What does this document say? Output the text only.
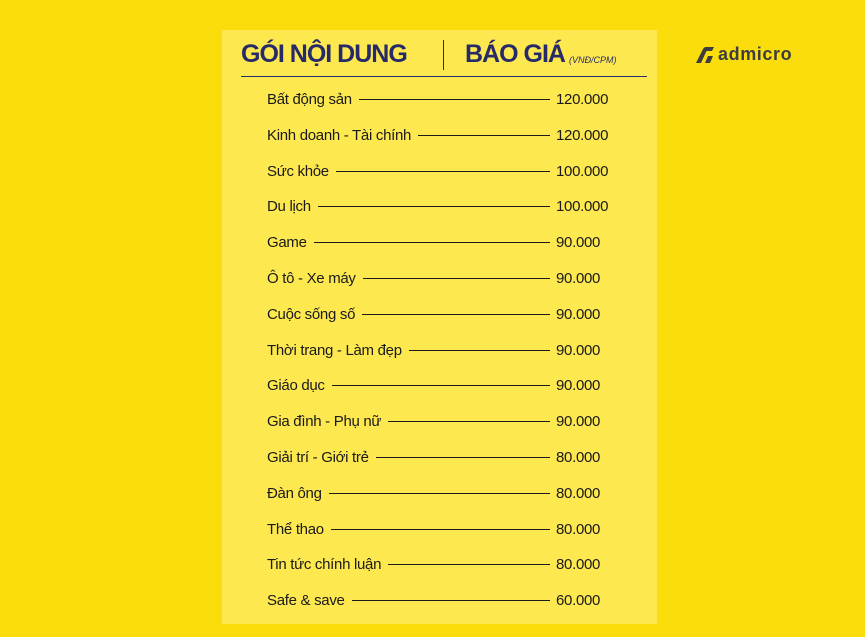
GÓI NỘI DUNG BÁO GIÁ (VNĐ/CPM)
Bất động sản	120.000
Kinh doanh - Tài chính	120.000
Sức khỏe	100.000
Du lịch	100.000
Game	90.000
Ô tô - Xe máy	90.000
Cuộc sống số	90.000
Thời trang - Làm đẹp	90.000
Giáo dục	90.000
Gia đình - Phụ nữ	90.000
Giải trí - Giới trẻ	80.000
Đàn ông	80.000
Thể thao	80.000
Tin tức chính luận	80.000
Safe & save	60.000
admicro
